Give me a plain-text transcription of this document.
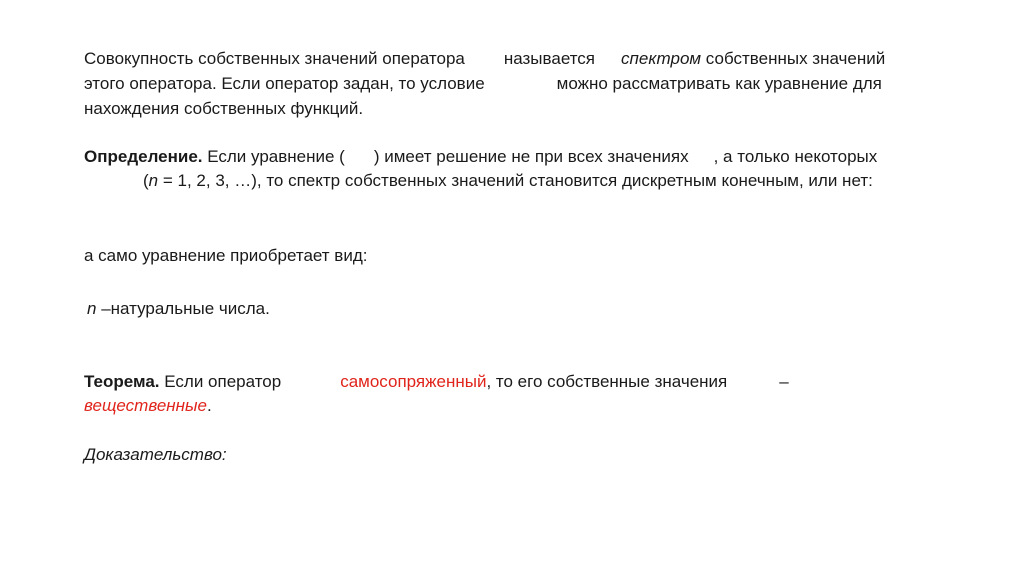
Совокупность собственных значений оператора называется спектром собственных значений
этого оператора. Если оператор задан, то условие	можно рассматривать как уравнение для
нахождения собственных функций.
Определение. Если уравнение ( ) имеет решение не при всех значениях , а только некоторых
(n = 1, 2, 3, …), то спектр собственных значений становится дискретным конечным, или нет:
а само уравнение приобретает вид:
n –натуральные числа.
Теорема. Если оператор	самосопряженный, то его собственные значения	–
вещественные.
Доказательство:
